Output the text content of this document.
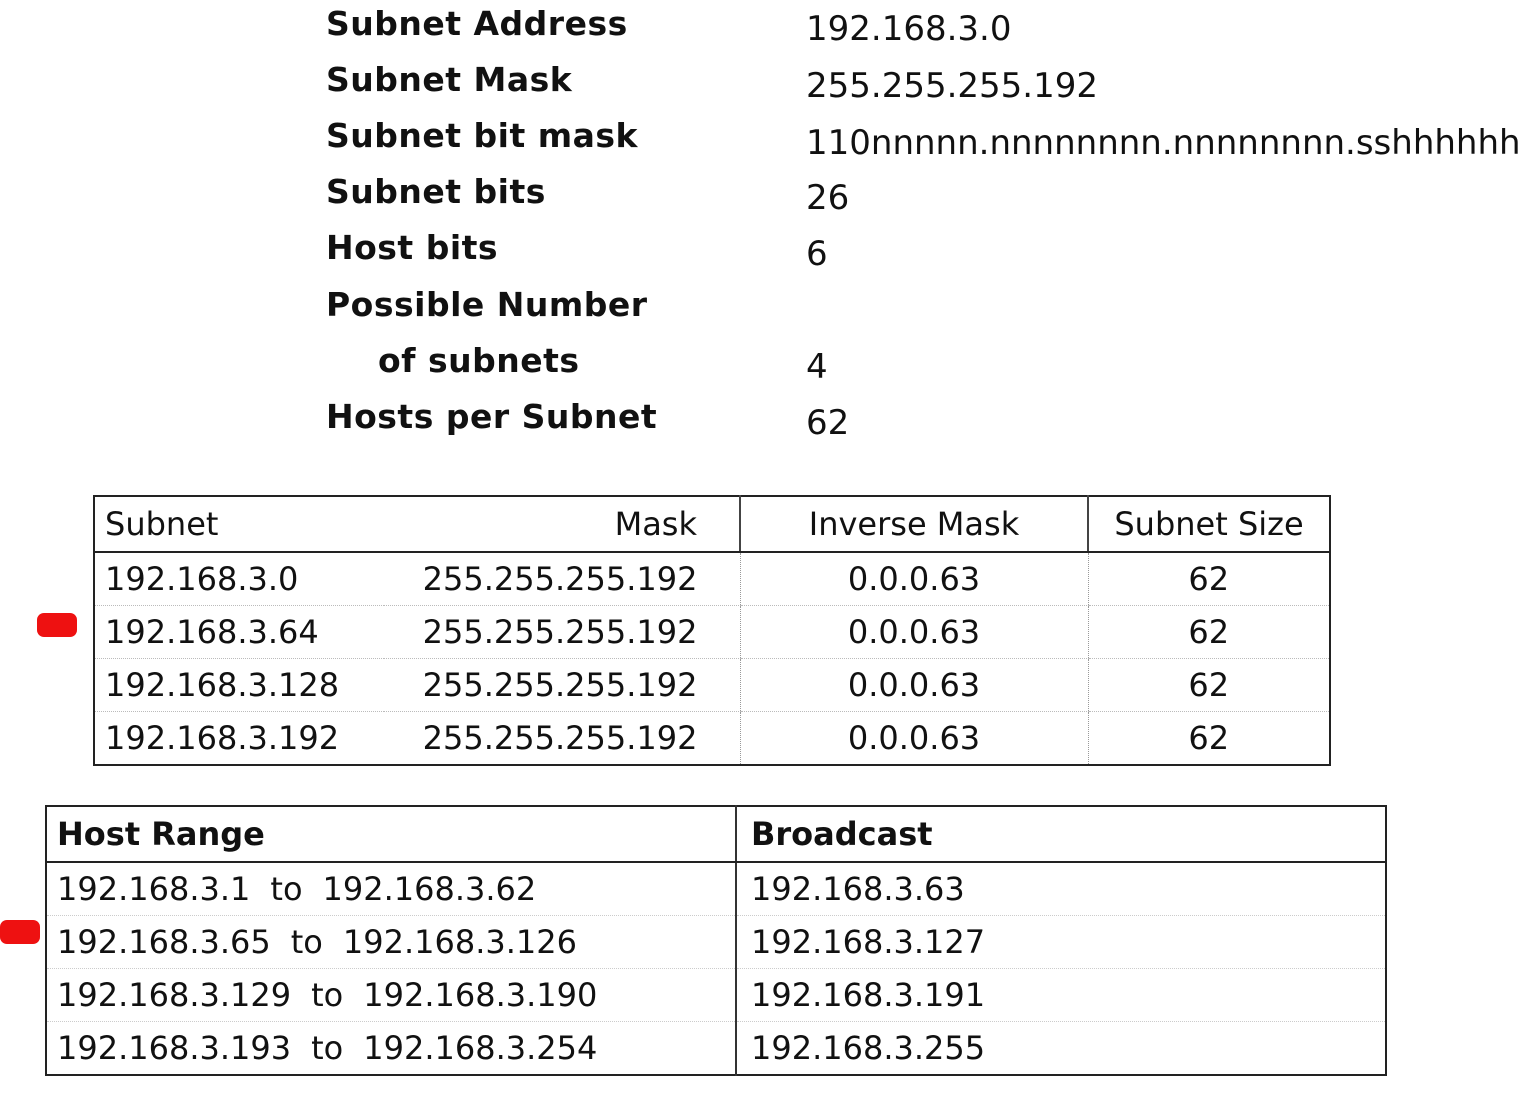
Subnet Address	192.168.3.0
Subnet Mask	255.255.255.192
Subnet bit mask	110nnnnn.nnnnnnnn.nnnnnnnn.sshhhhhh
Subnet bits	26
Host bits	6
Possible Number
of subnets	4
Hosts per Subnet	62
Subnet	Mask	Inverse Mask	Subnet Size
192.168.3.0	255.255.255.192	0.0.0.63	62
192.168.3.64	255.255.255.192	0.0.0.63	62
192.168.3.128	255.255.255.192	0.0.0.63	62
192.168.3.192	255.255.255.192	0.0.0.63	62
Host Range	Broadcast
192.168.3.1 to 192.168.3.62	192.168.3.63
192.168.3.65 to 192.168.3.126	192.168.3.127
192.168.3.129 to 192.168.3.190	192.168.3.191
192.168.3.193 to 192.168.3.254	192.168.3.255
